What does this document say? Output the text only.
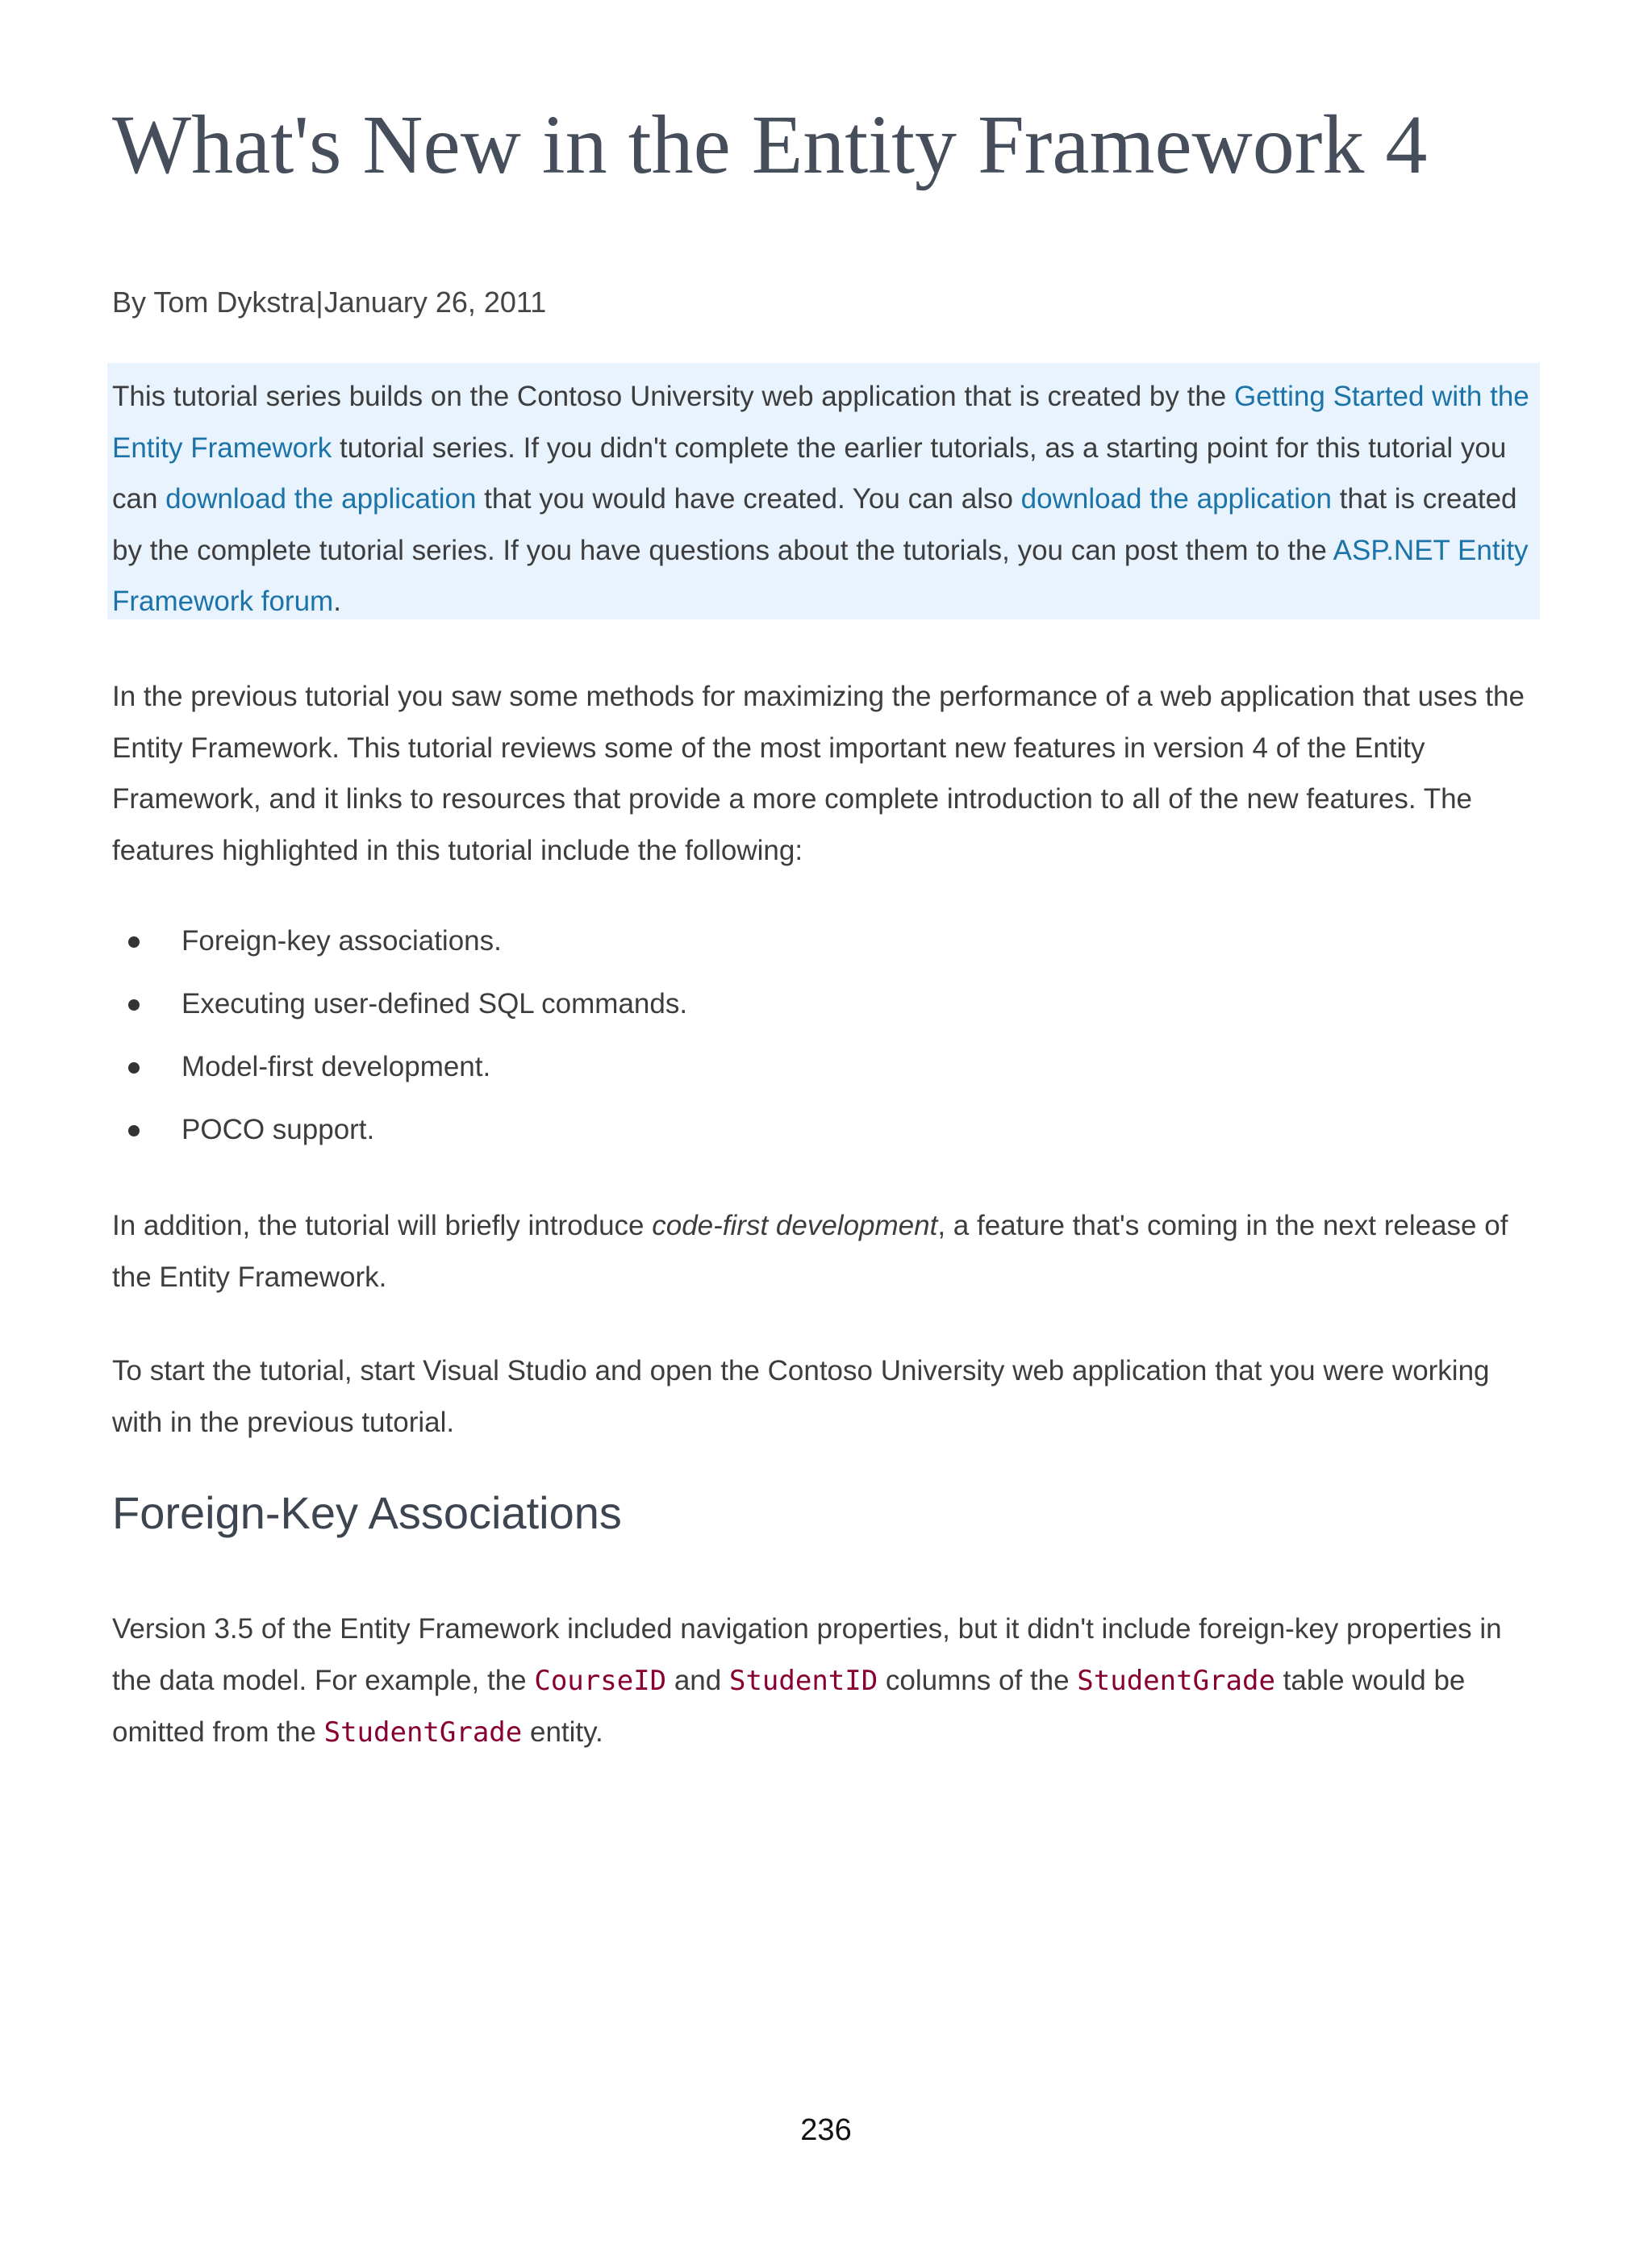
What's New in the Entity Framework 4
By Tom Dykstra|January 26, 2011

This tutorial series builds on the Contoso University web application that is created by the Getting Started with the Entity Framework tutorial series. If you didn't complete the earlier tutorials, as a starting point for this tutorial you can download the application that you would have created. You can also download the application that is created by the complete tutorial series. If you have questions about the tutorials, you can post them to the ASP.NET Entity Framework forum.

In the previous tutorial you saw some methods for maximizing the performance of a web application that uses the Entity Framework. This tutorial reviews some of the most important new features in version 4 of the Entity Framework, and it links to resources that provide a more complete introduction to all of the new features. The features highlighted in this tutorial include the following:

Foreign-key associations.
Executing user-defined SQL commands.
Model-first development.
POCO support.

In addition, the tutorial will briefly introduce code-first development, a feature that's coming in the next release of the Entity Framework.

To start the tutorial, start Visual Studio and open the Contoso University web application that you were working with in the previous tutorial.

Foreign-Key Associations

Version 3.5 of the Entity Framework included navigation properties, but it didn't include foreign-key properties in the data model. For example, the CourseID and StudentID columns of the StudentGrade table would be omitted from the StudentGrade entity.

236
